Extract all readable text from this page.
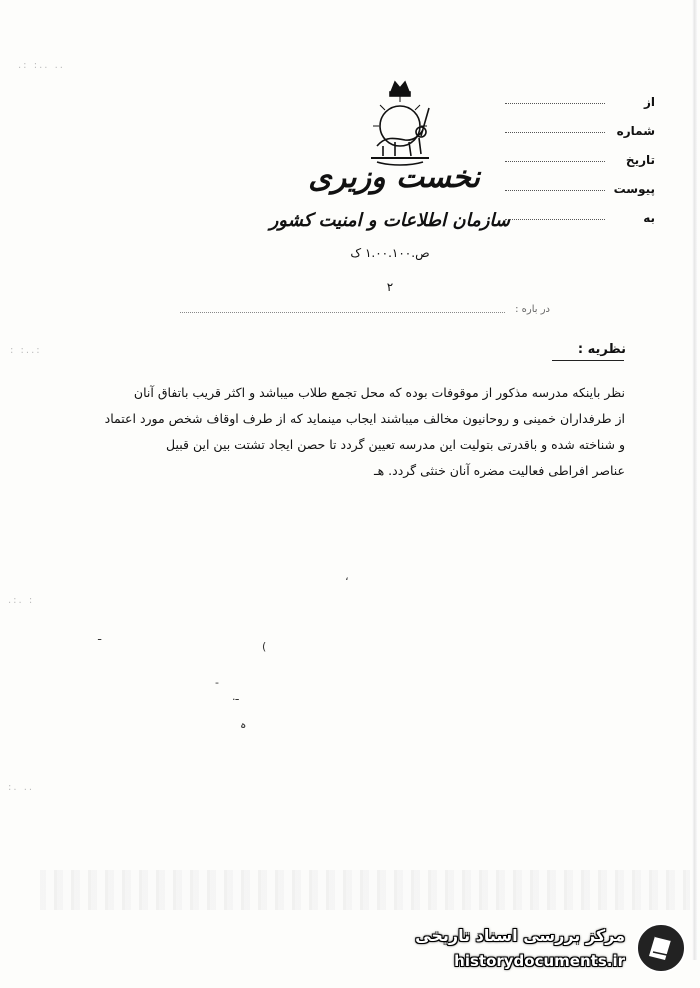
.: :.. ..
: :..:
.:. :
:. ..
نخست وزیری
سازمان اطلاعات و امنیت کشور
ص.۱.۰۰.۱۰۰ ک
۲
از
شماره
تاریخ
پیوست
به
در باره :
نظریه :
نظر باینکه مدرسه مذکور از موقوفات بوده که محل تجمع طلاب میباشد و اکثر قریب باتفاق آنان
از طرفداران خمینی و روحانیون مخالف میباشند ایجاب مینماید که از طرف اوقاف شخص مورد اعتماد
و شناخته شده و باقدرتی بتولیت این مدرسه تعیین گردد تا حصن ایجاد تشتت بین این قبیل
عناصر افراطی فعالیت مضره آنان خنثی گردد. هـ
،
ـ
(
-
.ـ
ہ
مرکز بررسی اسناد تاریخی
historydocuments.ir
